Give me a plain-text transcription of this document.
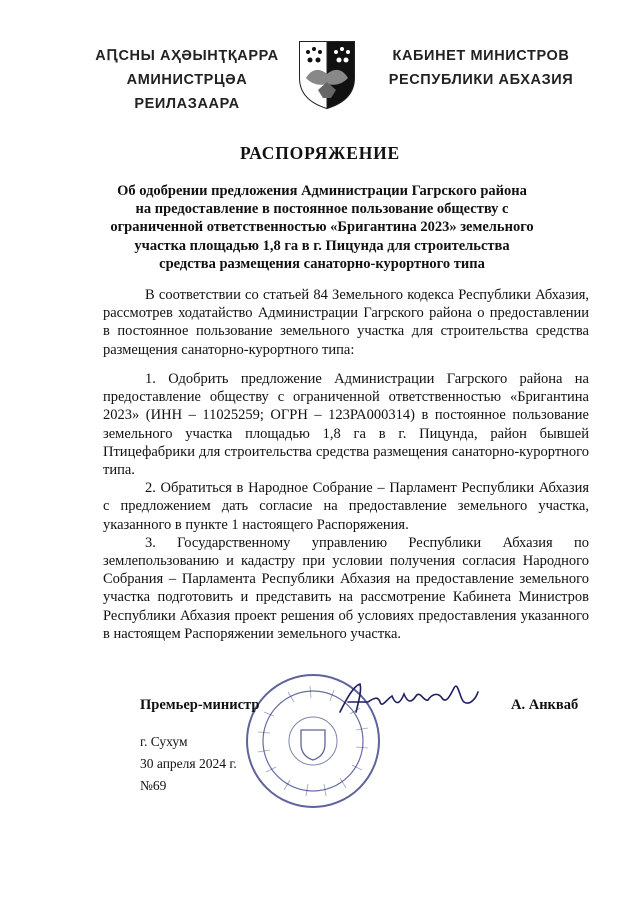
АԤСНЫ АҲӘЫНҬҚАРРА
АМИНИСТРЦӘА РЕИЛАЗААРА
КАБИНЕТ МИНИСТРОВ
РЕСПУБЛИКИ АБХАЗИЯ
РАСПОРЯЖЕНИЕ
Об одобрении предложения Администрации Гагрского района
на предоставление в постоянное пользование обществу с
ограниченной ответственностью «Бригантина 2023» земельного
участка площадью 1,8 га в г. Пицунда для строительства
средства размещения санаторно-курортного типа

В соответствии со статьей 84 Земельного кодекса Республики Абхазия, рассмотрев ходатайство Администрации Гагрского района о предоставлении в постоянное пользование земельного участка для строительства средства размещения санаторно-курортного типа:

1. Одобрить предложение Администрации Гагрского района на предоставление обществу с ограниченной ответственностью «Бригантина 2023» (ИНН – 11025259; ОГРН – 123РА000314) в постоянное пользование земельного участка площадью 1,8 га в г. Пицунда, район бывшей Птицефабрики для строительства средства размещения санаторно-курортного типа.

2. Обратиться в Народное Собрание – Парламент Республики Абхазия с предложением дать согласие на предоставление земельного участка, указанного в пункте 1 настоящего Распоряжения.

3. Государственному управлению Республики Абхазия по землепользованию и кадастру при условии получения согласия Народного Собрания – Парламента Республики Абхазия на предоставление земельного участка подготовить и представить на рассмотрение Кабинета Министров Республики Абхазия проект решения об условиях предоставления указанного в настоящем Распоряжении земельного участка.

Премьер-министр	А. Анкваб
г. Сухум
30 апреля 2024 г.
№69
